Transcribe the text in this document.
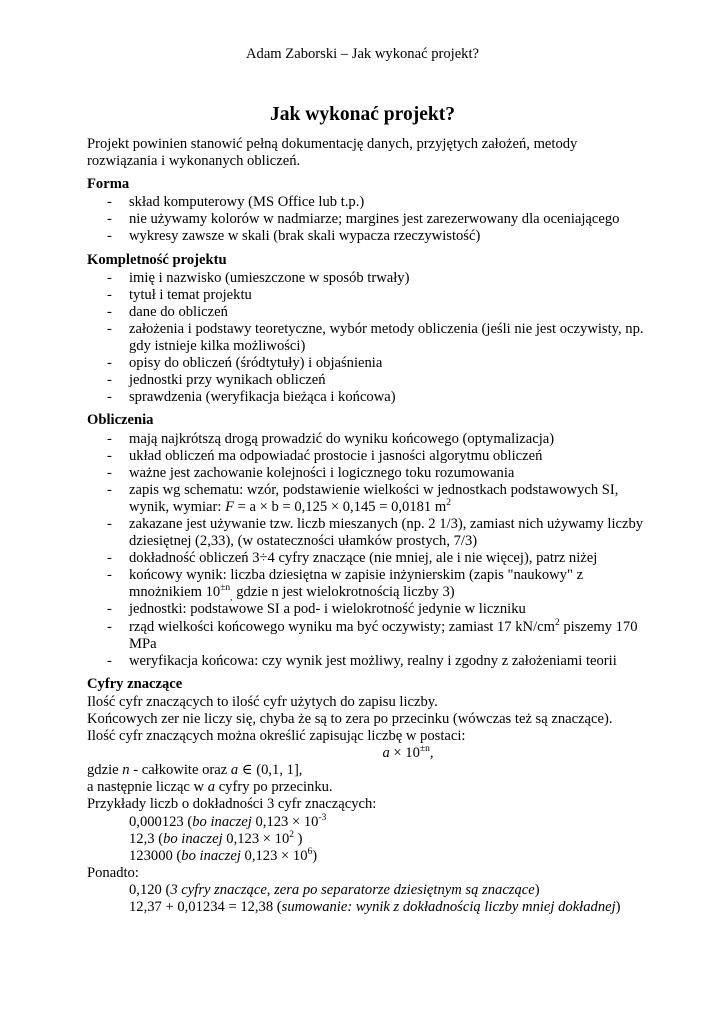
Adam Zaborski – Jak wykonać projekt?
Jak wykonać projekt?

Projekt powinien stanowić pełną dokumentację danych, przyjętych założeń, metody rozwiązania i wykonanych obliczeń.

Forma

- skład komputerowy (MS Office lub t.p.)
- nie używamy kolorów w nadmiarze; margines jest zarezerwowany dla oceniającego
- wykresy zawsze w skali (brak skali wypacza rzeczywistość)

Kompletność projektu

- imię i nazwisko (umieszczone w sposób trwały)
- tytuł i temat projektu
- dane do obliczeń
- założenia i podstawy teoretyczne, wybór metody obliczenia (jeśli nie jest oczywisty, np. gdy istnieje kilka możliwości)
- opisy do obliczeń (śródtytuły) i objaśnienia
- jednostki przy wynikach obliczeń
- sprawdzenia (weryfikacja bieżąca i końcowa)

Obliczenia

- mają najkrótszą drogą prowadzić do wyniku końcowego (optymalizacja)
- układ obliczeń ma odpowiadać prostocie i jasności algorytmu obliczeń
- ważne jest zachowanie kolejności i logicznego toku rozumowania
- zapis wg schematu: wzór, podstawienie wielkości w jednostkach podstawowych SI, wynik, wymiar: F = a × b = 0,125 × 0,145 = 0,0181 $m^2$
- zakazane jest używanie tzw. liczb mieszanych (np. 2 1/3), zamiast nich używamy liczby dziesiętnej (2,33), (w ostateczności ułamków prostych, 7/3)
- dokładność obliczeń 3÷4 cyfry znaczące (nie mniej, ale i nie więcej), patrz niżej
- końcowy wynik: liczba dziesiętna w zapisie inżynierskim (zapis "naukowy" z mnożnikiem $10^{\pm n}_,$ gdzie n jest wielokrotnością liczby 3)
- jednostki: podstawowe SI a pod- i wielokrotność jedynie w liczniku
- rząd wielkości końcowego wyniku ma być oczywisty; zamiast 17 $kN/cm^2$ piszemy 170 MPa
- weryfikacja końcowa: czy wynik jest możliwy, realny i zgodny z założeniami teorii

Cyfry znaczące

Ilość cyfr znaczących to ilość cyfr użytych do zapisu liczby.

Końcowych zer nie liczy się, chyba że są to zera po przecinku (wówczas też są znaczące).

Ilość cyfr znaczących można określić zapisując liczbę w postaci:

$a \times 10^{\pm n}$,

gdzie n - całkowite oraz a ∈ (0,1, 1],

a następnie licząc w a cyfry po przecinku.

Przykłady liczb o dokładności 3 cyfr znaczących:

0,000123 (bo inaczej $0,123 \times 10^{-3}$

12,3 (bo inaczej $0,123 \times 10^2$ )

123000 (bo inaczej $0,123 \times 10^6$)

Ponadto:

0,120 (3 cyfry znaczące, zera po separatorze dziesiętnym są znaczące)

12,37 + 0,01234 = 12,38 (sumowanie: wynik z dokładnością liczby mniej dokładnej)
